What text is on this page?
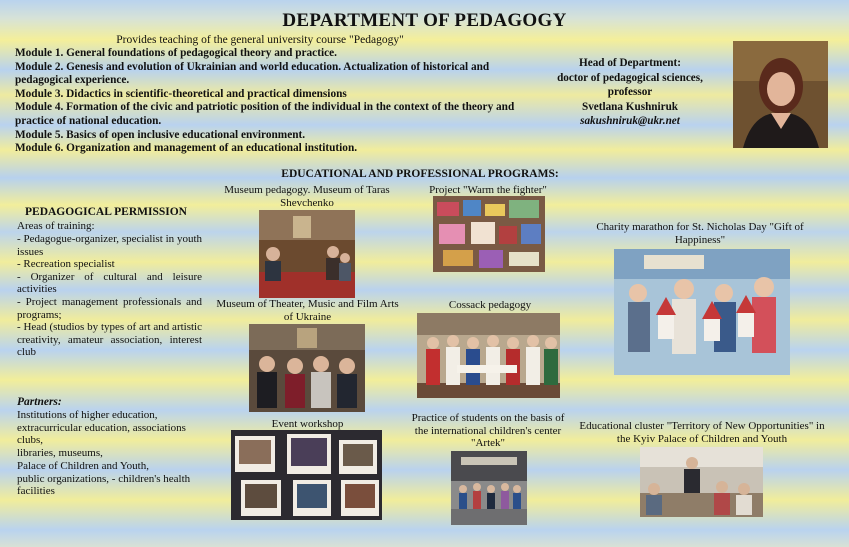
DEPARTMENT OF PEDAGOGY
Provides teaching of the general university course "Pedagogy"
Module 1. General foundations of pedagogical theory and practice.
Module 2. Genesis and evolution of Ukrainian and world education. Actualization of historical and pedagogical experience.
Module 3. Didactics in scientific-theoretical and practical dimensions
Module 4. Formation of the civic and patriotic position of the individual in the context of the theory and practice of national education.
Module 5. Basics of open inclusive educational environment.
Module 6. Organization and management of an educational institution.
Head of Department:
doctor of pedagogical sciences,
professor
Svetlana Kushniruk
sakushniruk@ukr.net
EDUCATIONAL AND PROFESSIONAL PROGRAMS:
PEDAGOGICAL PERMISSION
Areas of training:
- Pedagogue-organizer, specialist in youth issues
- Recreation specialist
- Organizer of cultural and leisure activities
- Project management professionals and programs;
- Head (studios by types of art and artistic creativity, amateur association, interest club
Partners:
Institutions of higher education, extracurricular education, associations clubs,
libraries, museums,
Palace of Children and Youth,
public organizations, - children's health facilities
Museum pedagogy. Museum of Taras Shevchenko
Project "Warm the fighter"
Charity marathon for St. Nicholas Day "Gift of Happiness"
Museum of Theater, Music and Film Arts of Ukraine
Cossack pedagogy
Event workshop	Practice of students on the basis of the international children's center "Artek"
Educational cluster "Territory of New Opportunities" in the Kyiv Palace of Children and Youth
